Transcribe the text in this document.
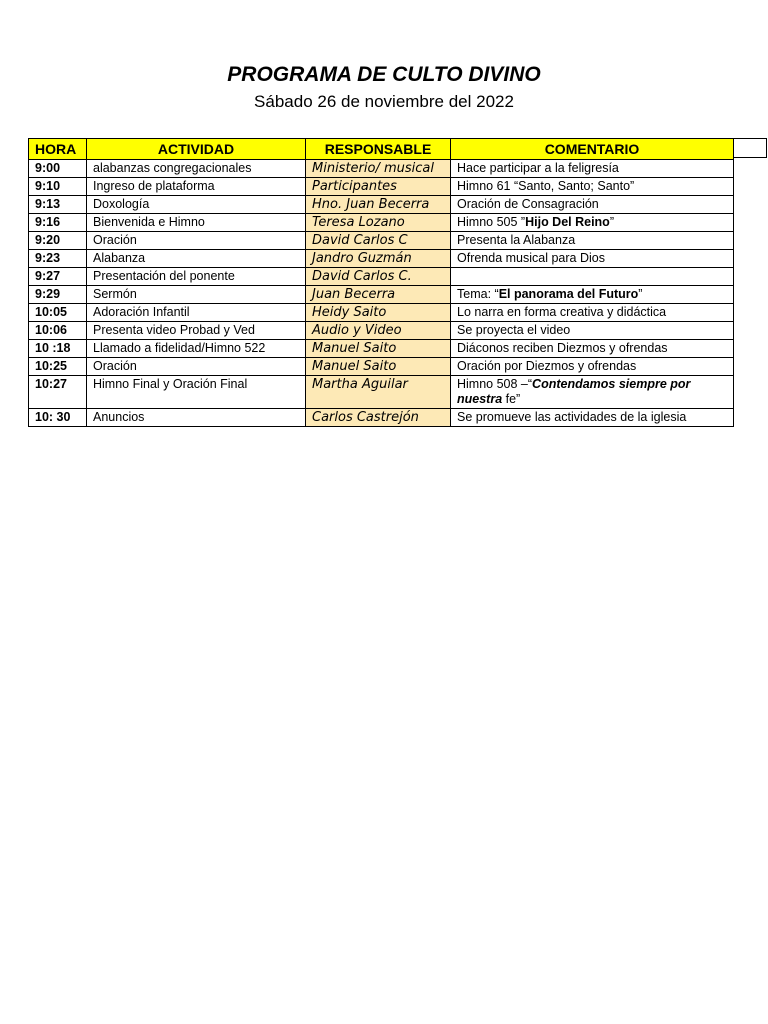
PROGRAMA DE CULTO DIVINO
Sábado 26 de noviembre del 2022
HORA	ACTIVIDAD	RESPONSABLE	COMENTARIO
9:00	alabanzas congregacionales	Ministerio/ musical	Hace participar a la feligresía
9:10	Ingreso de plataforma	Participantes	Himno 61 “Santo, Santo; Santo”
9:13	Doxología	Hno. Juan Becerra	Oración de Consagración
9:16	Bienvenida e Himno	Teresa Lozano	Himno 505 ”Hijo Del Reino”
9:20	Oración	David Carlos C	Presenta la Alabanza
9:23	Alabanza	Jandro Guzmán	Ofrenda musical para Dios
9:27	Presentación del ponente	David Carlos C.	
9:29	Sermón	Juan Becerra	Tema: “El panorama del Futuro”
10:05	Adoración Infantil	Heidy Saito	Lo narra en forma creativa y didáctica
10:06	Presenta video Probad y Ved	Audio y Video	Se proyecta el video
10 :18	Llamado a fidelidad/Himno 522	Manuel Saito	Diáconos reciben Diezmos y ofrendas
10:25	Oración	Manuel Saito	Oración por Diezmos y ofrendas
10:27	Himno Final y Oración Final	Martha Aguilar	Himno 508 –“Contendamos siempre por nuestra fe”
10: 30	Anuncios	Carlos Castrejón	Se promueve las actividades de la iglesia
